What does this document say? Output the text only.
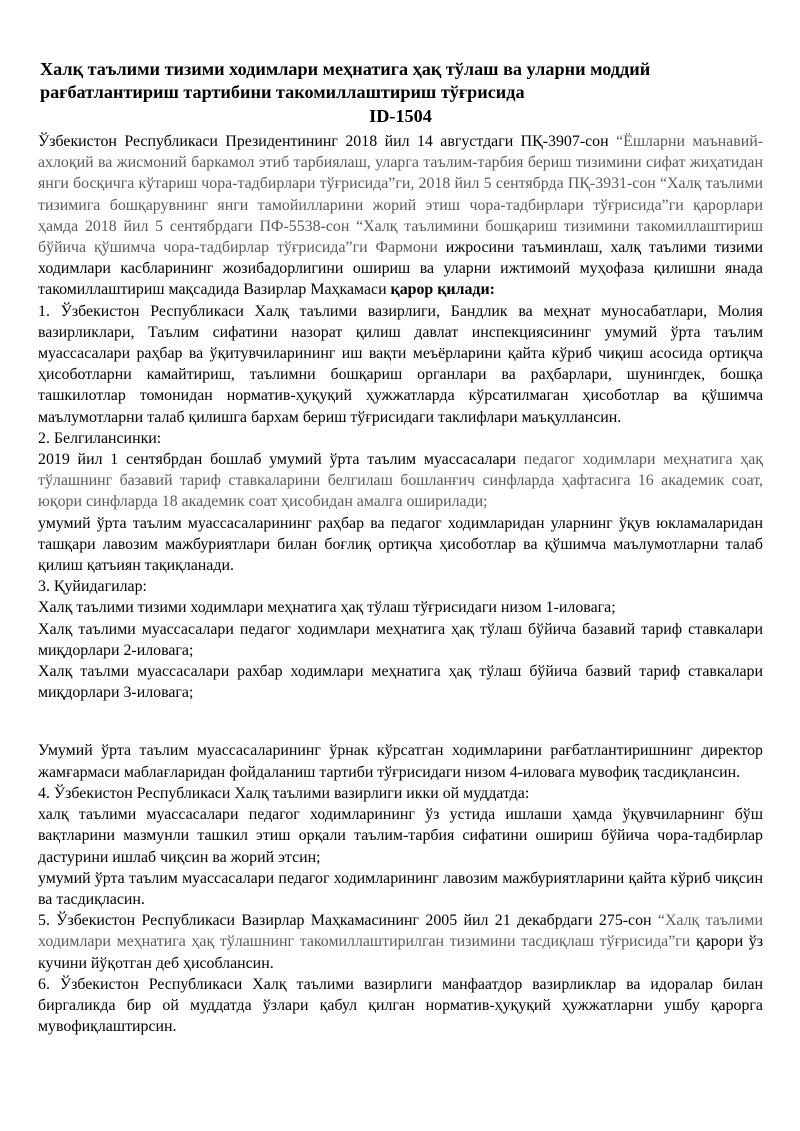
Халқ таълими тизими ходимлари меҳнатига ҳақ тўлаш ва уларни моддий рағбатлантириш тартибини такомиллаштириш тўғрисида
ID-1504

Ўзбекистон Республикаси Президентининг 2018 йил 14 августдаги ПҚ-3907-сон “Ёшларни маънавий-ахлоқий ва жисмоний баркамол этиб тарбиялаш, уларга таълим-тарбия бериш тизимини сифат жиҳатидан янги босқичга кўтариш чора-тадбирлари тўғрисида”ги, 2018 йил 5 сентябрда ПҚ-3931-сон “Халқ таълими тизимига бошқарувнинг янги тамойилларини жорий этиш чора-тадбирлари тўғрисида”ги қарорлари ҳамда 2018 йил 5 сентябрдаги ПФ-5538-сон “Халқ таълимини бошқариш тизимини такомиллаштириш бўйича қўшимча чора-тадбирлар тўғрисида”ги Фармони ижросини таъминлаш, халқ таълими тизими ходимлари касбларининг жозибадорлигини ошириш ва уларни ижтимоий муҳофаза қилишни янада такомиллаштириш мақсадида Вазирлар Маҳкамаси қарор қилади:

1. Ўзбекистон Республикаси Халқ таълими вазирлиги, Бандлик ва меҳнат муносабатлари, Молия вазирликлари, Таълим сифатини назорат қилиш давлат инспекциясининг умумий ўрта таълим муассасалари раҳбар ва ўқитувчиларининг иш вақти меъёрларини қайта кўриб чиқиш асосида ортиқча ҳисоботларни камайтириш, таълимни бошқариш органлари ва раҳбарлари, шунингдек, бошқа ташкилотлар томонидан норматив-ҳуқуқий ҳужжатларда кўрсатилмаган ҳисоботлар ва қўшимча маълумотларни талаб қилишга бархам бериш тўғрисидаги таклифлари маъқуллансин.

2. Белгилансинки:

2019 йил 1 сентябрдан бошлаб умумий ўрта таълим муассасалари педагог ходимлари меҳнатига ҳақ тўлашнинг базавий тариф ставкаларини белгилаш бошланғич синфларда ҳафтасига 16 академик соат, юқори синфларда 18 академик соат ҳисобидан амалга оширилади;

умумий ўрта таълим муассасаларининг раҳбар ва педагог ходимларидан уларнинг ўқув юкламаларидан ташқари лавозим мажбуриятлари билан боғлиқ ортиқча ҳисоботлар ва қўшимча маълумотларни талаб қилиш қатъиян тақиқланади.

3. Қуйидагилар:

Халқ таълими тизими ходимлари меҳнатига ҳақ тўлаш тўғрисидаги низом 1-иловага;

Халқ таълими муассасалари педагог ходимлари меҳнатига ҳақ тўлаш бўйича базавий тариф ставкалари миқдорлари 2-иловага;

Халқ таълми муассасалари рахбар ходимлари меҳнатига ҳақ тўлаш бўйича базвий тариф ставкалари миқдорлари 3-иловага;

Умумий ўрта таълим муассасаларининг ўрнак кўрсатган ходимларини рағбатлантиришнинг директор жамғармаси маблағларидан фойдаланиш тартиби тўғрисидаги низом 4-иловага мувофиқ тасдиқлансин.

4. Ўзбекистон Республикаси Халқ таълими вазирлиги икки ой муддатда:

халқ таълими муассасалари педагог ходимларининг ўз устида ишлаши ҳамда ўқувчиларнинг бўш вақтларини мазмунли ташкил этиш орқали таълим-тарбия сифатини ошириш бўйича чора-тадбирлар дастурини ишлаб чиқсин ва жорий этсин;

умумий ўрта таълим муассасалари педагог ходимларининг лавозим мажбуриятларини қайта кўриб чиқсин ва тасдиқласин.

5. Ўзбекистон Республикаси Вазирлар Маҳкамасининг 2005 йил 21 декабрдаги 275-сон “Халқ таълими ходимлари меҳнатига ҳақ тўлашнинг такомиллаштирилган тизимини тасдиқлаш тўғрисида”ги қарори ўз кучини йўқотган деб ҳисоблансин.

6. Ўзбекистон Республикаси Халқ таълими вазирлиги манфаатдор вазирликлар ва идоралар билан биргаликда бир ой муддатда ўзлари қабул қилган норматив-ҳуқуқий ҳужжатларни ушбу қарорга мувофиқлаштирсин.
